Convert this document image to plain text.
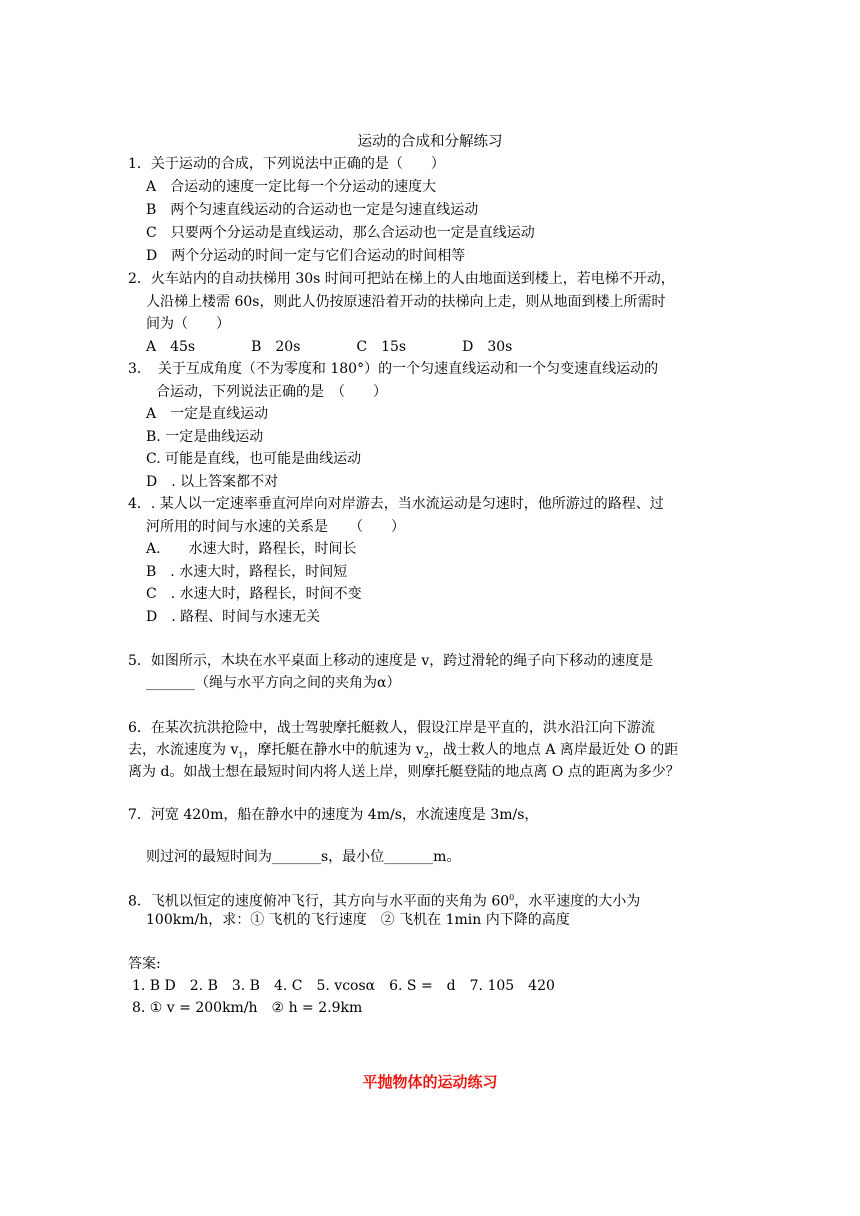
运动的合成和分解练习
1．关于运动的合成，下列说法中正确的是（　　）
A　合运动的速度一定比每一个分运动的速度大
B　两个匀速直线运动的合运动也一定是匀速直线运动
C　只要两个分运动是直线运动，那么合运动也一定是直线运动
D　两个分运动的时间一定与它们合运动的时间相等
2．火车站内的自动扶梯用 30s 时间可把站在梯上的人由地面送到楼上，若电梯不开动，
人沿梯上楼需 60s，则此人仍按原速沿着开动的扶梯向上走，则从地面到楼上所需时
间为（　　）
A　45s　　　　B　20s　　　　C　15s　　　　D　30s
3．　关于互成角度（不为零度和 180°）的一个匀速直线运动和一个匀变速直线运动的
合运动，下列说法正确的是　（　　）
A　一定是直线运动
B. 一定是曲线运动
C. 可能是直线，也可能是曲线运动
D　. 以上答案都不对
4．. 某人以一定速率垂直河岸向对岸游去，当水流运动是匀速时，他所游过的路程、过
河所用的时间与水速的关系是　　（　　）
A.　　水速大时，路程长，时间长
B　. 水速大时，路程长，时间短
C　. 水速大时，路程长，时间不变
D　. 路程、时间与水速无关
5．如图所示，木块在水平桌面上移动的速度是 v，跨过滑轮的绳子向下移动的速度是
_______（绳与水平方向之间的夹角为α）
6．在某次抗洪抢险中，战士驾驶摩托艇救人，假设江岸是平直的，洪水沿江向下游流
去，水流速度为 $v_1$，摩托艇在静水中的航速为 $v_2$，战士救人的地点 A 离岸最近处 O 的距
离为 d。如战士想在最短时间内将人送上岸，则摩托艇登陆的地点离 O 点的距离为多少？
7．河宽 420m，船在静水中的速度为 4m/s，水流速度是 3m/s，
则过河的最短时间为_______s，最小位_______m。
8．飞机以恒定的速度俯冲飞行，其方向与水平面的夹角为 $60^0$，水平速度的大小为
100km/h，求：① 飞机的飞行速度　② 飞机在 1min 内下降的高度
答案:
1. B D　2. B　3. B　4. C　5. vcosα　6. S =　d　7. 105　420
8. ① v = 200km/h　② h = 2.9km
平抛物体的运动练习
